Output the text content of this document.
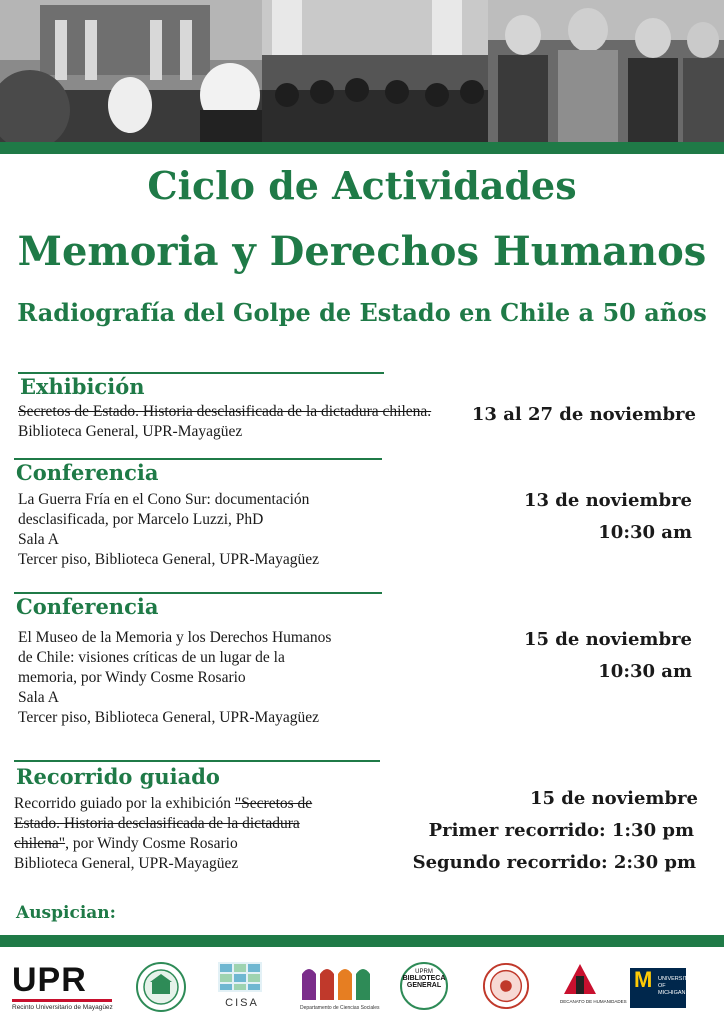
Ciclo de Actividades
Memoria y Derechos Humanos
Radiografía del Golpe de Estado en Chile a 50 años
Exhibición
Secretos de Estado. Historia desclasificada de la dictadura chilena.
Biblioteca General, UPR-Mayagüez
13 al 27 de noviembre
Conferencia
La Guerra Fría en el Cono Sur: documentación
desclasificada, por Marcelo Luzzi, PhD
Sala A
Tercer piso, Biblioteca General, UPR-Mayagüez
13 de noviembre
10:30 am
Conferencia
El Museo de la Memoria y los Derechos Humanos
de Chile: visiones críticas de un lugar de la
memoria, por Windy Cosme Rosario
Sala A
Tercer piso, Biblioteca General, UPR-Mayagüez
15 de noviembre
10:30 am
Recorrido guiado
Recorrido guiado por la exhibición "Secretos de
Estado. Historia desclasificada de la dictadura
chilena", por Windy Cosme Rosario
Biblioteca General, UPR-Mayagüez
15 de noviembre
Primer recorrido: 1:30 pm
Segundo recorrido: 2:30 pm
Auspician:
UPR
Recinto Universitario de Mayagüez	CISA	Departamento de Ciencias Sociales
UPRM
BIBLIOTECA
GENERAL
DECANATO DE HUMANIDADES
M UNIVERSITY OF MICHIGAN
